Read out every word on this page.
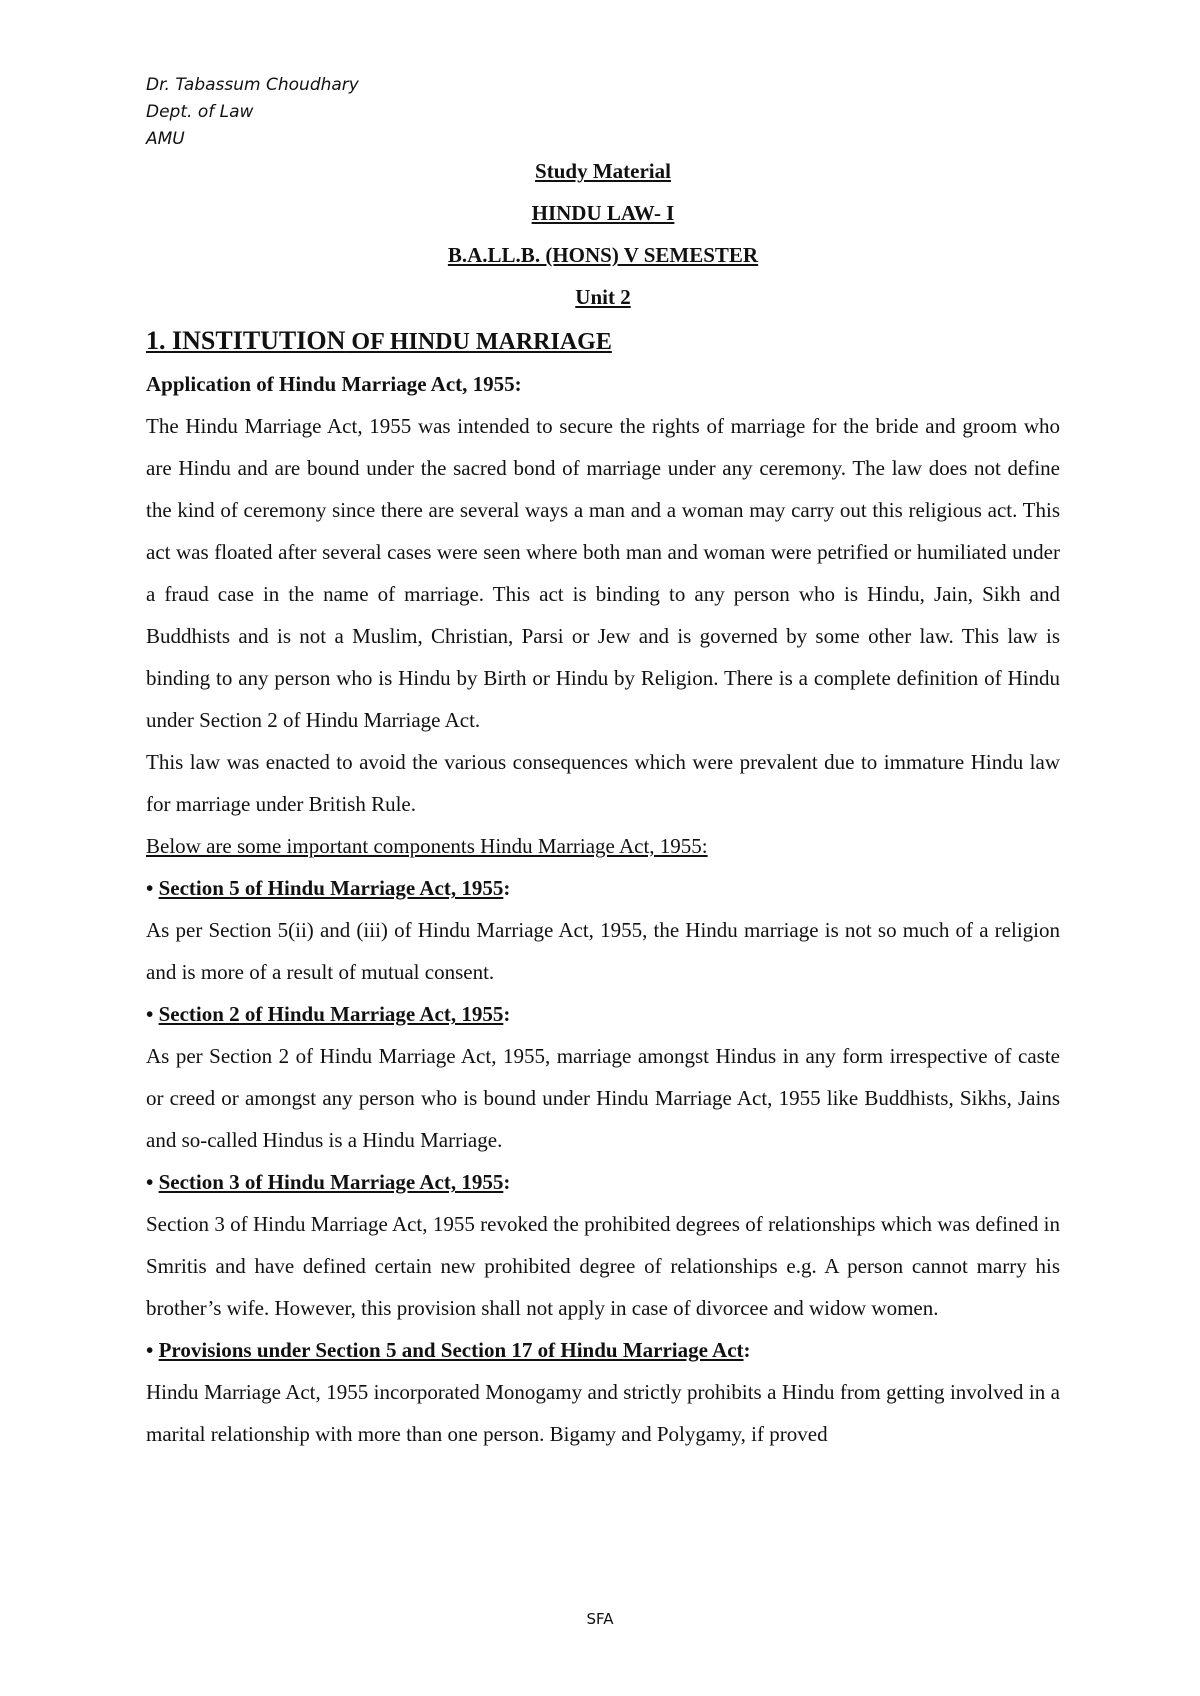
Dr. Tabassum Choudhary
Dept. of Law
AMU
Study Material
HINDU LAW- I
B.A.LL.B. (HONS) V SEMESTER
Unit 2
1. INSTITUTION OF HINDU MARRIAGE
Application of Hindu Marriage Act, 1955:

The Hindu Marriage Act, 1955 was intended to secure the rights of marriage for the bride and groom who are Hindu and are bound under the sacred bond of marriage under any ceremony. The law does not define the kind of ceremony since there are several ways a man and a woman may carry out this religious act. This act was floated after several cases were seen where both man and woman were petrified or humiliated under a fraud case in the name of marriage. This act is binding to any person who is Hindu, Jain, Sikh and Buddhists and is not a Muslim, Christian, Parsi or Jew and is governed by some other law. This law is binding to any person who is Hindu by Birth or Hindu by Religion. There is a complete definition of Hindu under Section 2 of Hindu Marriage Act.

This law was enacted to avoid the various consequences which were prevalent due to immature Hindu law for marriage under British Rule.

Below are some important components Hindu Marriage Act, 1955:
• Section 5 of Hindu Marriage Act, 1955:

As per Section 5(ii) and (iii) of Hindu Marriage Act, 1955, the Hindu marriage is not so much of a religion and is more of a result of mutual consent.

• Section 2 of Hindu Marriage Act, 1955:

As per Section 2 of Hindu Marriage Act, 1955, marriage amongst Hindus in any form irrespective of caste or creed or amongst any person who is bound under Hindu Marriage Act, 1955 like Buddhists, Sikhs, Jains and so-called Hindus is a Hindu Marriage.

• Section 3 of Hindu Marriage Act, 1955:

Section 3 of Hindu Marriage Act, 1955 revoked the prohibited degrees of relationships which was defined in Smritis and have defined certain new prohibited degree of relationships e.g. A person cannot marry his brother’s wife. However, this provision shall not apply in case of divorcee and widow women.

• Provisions under Section 5 and Section 17 of Hindu Marriage Act:

Hindu Marriage Act, 1955 incorporated Monogamy and strictly prohibits a Hindu from getting involved in a marital relationship with more than one person. Bigamy and Polygamy, if proved

SFA
